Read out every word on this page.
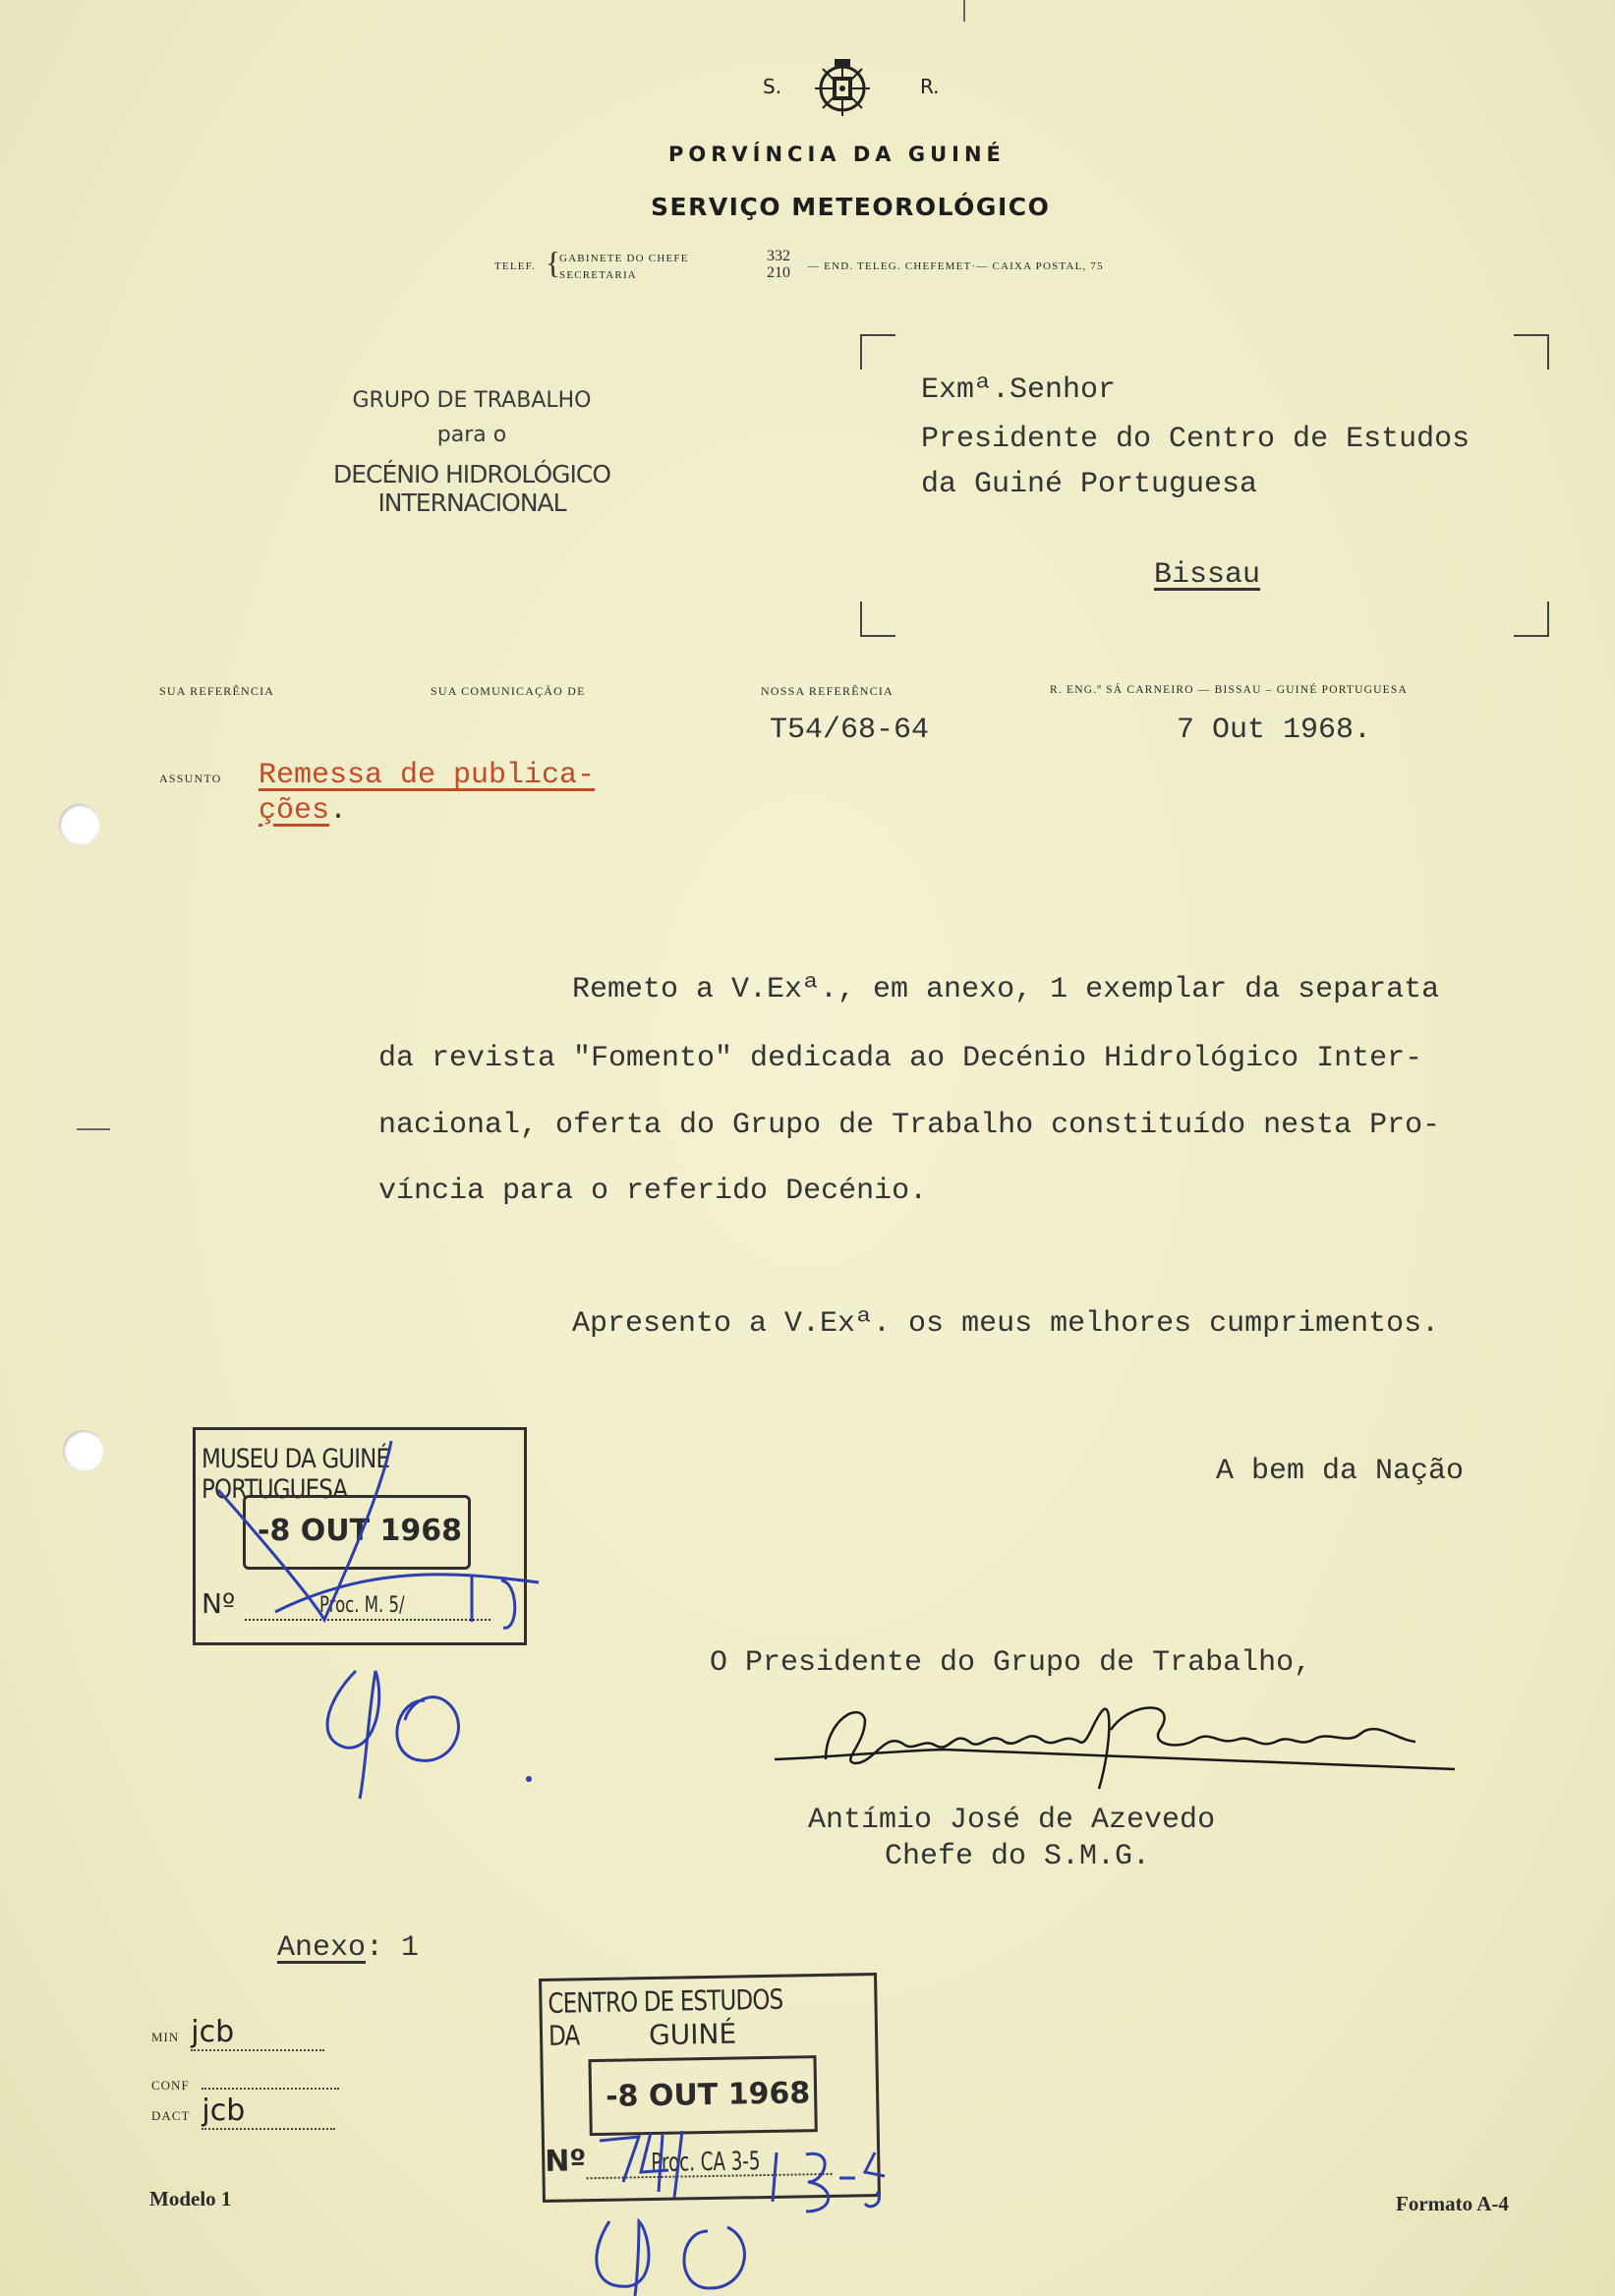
S.	R.
PORVÍNCIA DA GUINÉ
SERVIÇO METEOROLÓGICO
TELEF. {
GABINETE DO CHEFE
SECRETARIA
332
210 — END. TELEG. CHEFEMET·— CAIXA POSTAL, 75
GRUPO DE TRABALHO
para o
DECÉNIO HIDROLÓGICO INTERNACIONAL
Exmª.Senhor
Presidente do Centro de Estudos
da Guiné Portuguesa
Bissau
SUA REFERÊNCIA	SUA COMUNICAÇÃO DE	NOSSA REFERÊNCIA	R. ENG.º SÁ CARNEIRO — BISSAU – GUINÉ PORTUGUESA
T54/68-64	7 Out 1968.
ASSUNTO Remessa de publica-
ções.
Remeto a V.Exª., em anexo, 1 exemplar da separata
da revista "Fomento" dedicada ao Decénio Hidrológico Inter-
nacional, oferta do Grupo de Trabalho constituído nesta Pro-
víncia para o referido Decénio.
Apresento a V.Exª. os meus melhores cumprimentos.
A bem da Nação
O Presidente do Grupo de Trabalho,
Antímio José de Azevedo
Chefe do S.M.G.
MUSEU DA GUINÉ PORTUGUESA
-8 OUT 1968
Nº	Proc. M. 5/
CENTRO DE ESTUDOS DA	GUINÉ
-8 OUT 1968
Nº	Proc. CA 3-5
Anexo: 1
MIN jcb
CONF
DACT jcb
Modelo 1	Formato A-4
